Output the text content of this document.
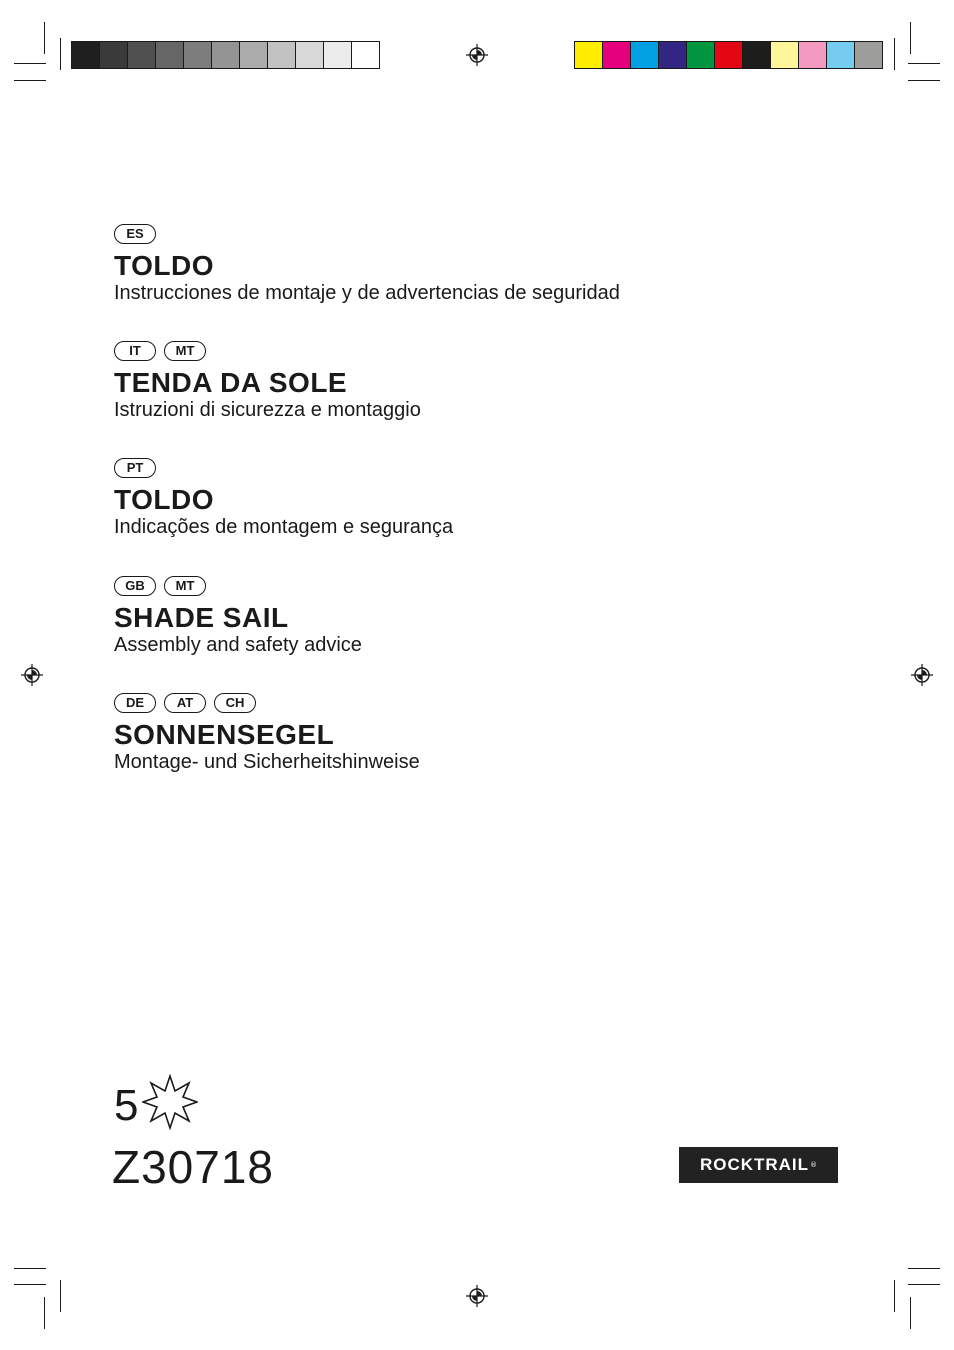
ES
TOLDO
Instrucciones de montaje y de advertencias de seguridad
IT	MT
TENDA DA SOLE
Istruzioni di sicurezza e montaggio
PT
TOLDO
Indicações de montagem e segurança
GB	MT
SHADE SAIL
Assembly and safety advice
DE	AT	CH
SONNENSEGEL
Montage- und Sicherheitshinweise
5
Z30718	ROCKTRAIL ®
